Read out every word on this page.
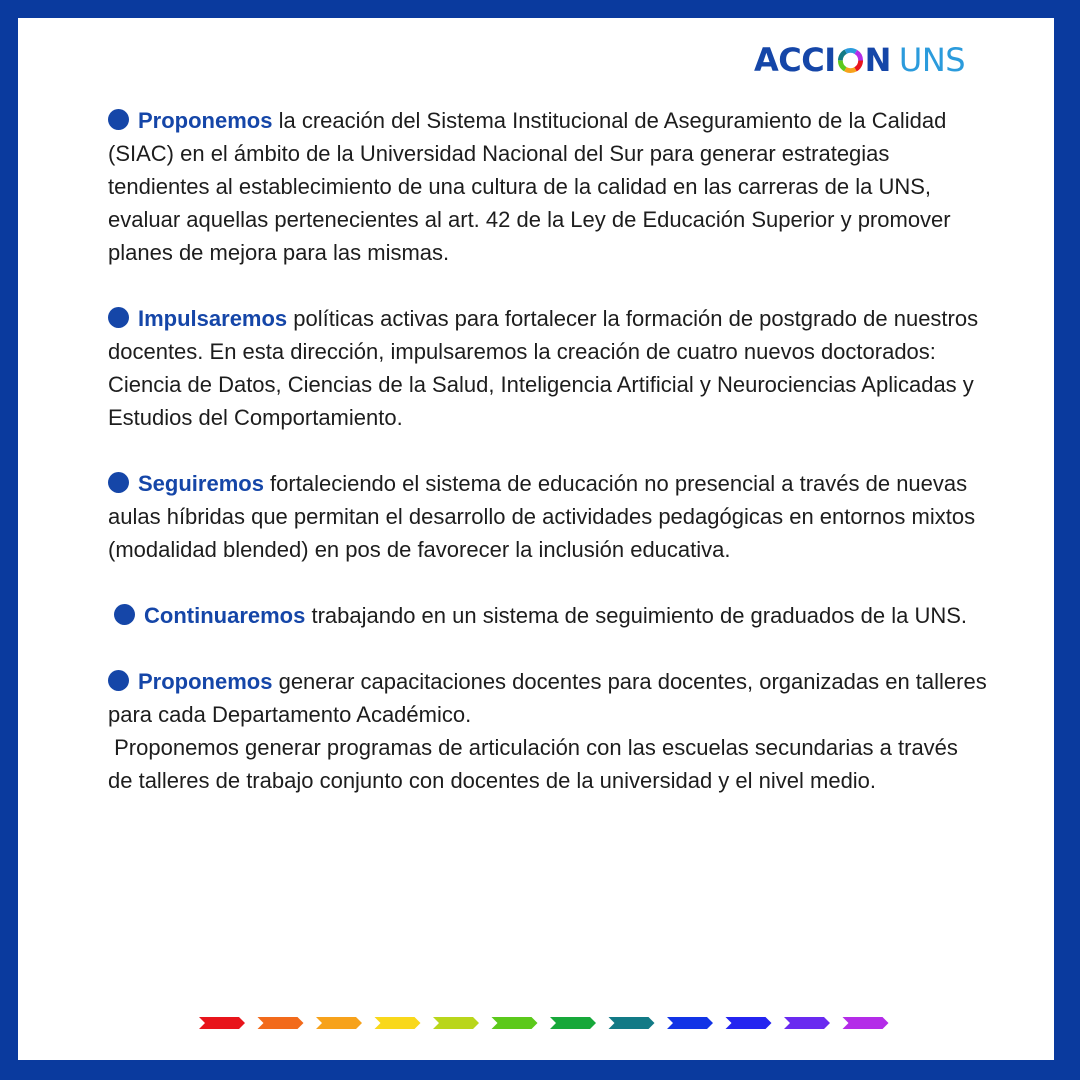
ACCI N UNS

Proponemos la creación del Sistema Institucional de Aseguramiento de la Calidad (SIAC) en el ámbito de la Universidad Nacional del Sur para generar estrategias tendientes al establecimiento de una cultura de la calidad en las carreras de la UNS, evaluar aquellas pertenecientes al art. 42 de la Ley de Educación Superior y promover planes de mejora para las mismas.

Impulsaremos políticas activas para fortalecer la formación de postgrado de nuestros docentes. En esta dirección, impulsaremos la creación de cuatro nuevos doctorados: Ciencia de Datos, Ciencias de la Salud, Inteligencia Artificial y Neurociencias Aplicadas y Estudios del Comportamiento.

Seguiremos fortaleciendo el sistema de educación no presencial a través de nuevas aulas híbridas que permitan el desarrollo de actividades pedagógicas en entornos mixtos (modalidad blended) en pos de favorecer la inclusión educativa.

Continuaremos trabajando en un sistema de seguimiento de graduados de la UNS.

Proponemos generar capacitaciones docentes para docentes, organizadas en talleres para cada Departamento Académico.
Proponemos generar programas de articulación con las escuelas secundarias a través de talleres de trabajo conjunto con docentes de la universidad y el nivel medio.
